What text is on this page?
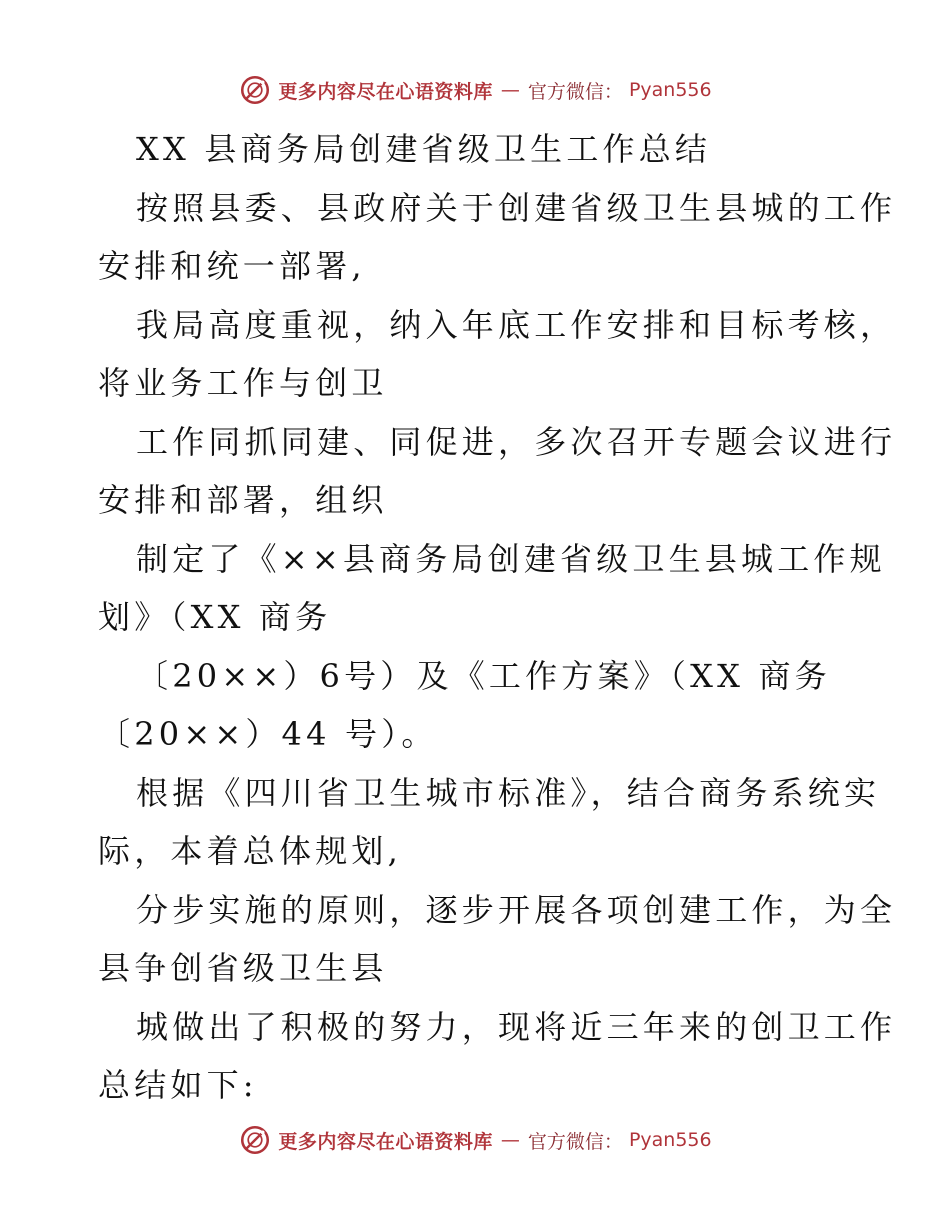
更多内容尽在心语资料库 — 官方微信： Pyan556
XX 县商务局创建省级卫生工作总结
按照县委、县政府关于创建省级卫生县城的工作
安排和统一部署,
我局高度重视，纳入年底工作安排和目标考核，
将业务工作与创卫
工作同抓同建、同促进，多次召开专题会议进行
安排和部署，组织
制定了《××县商务局创建省级卫生县城工作规
划》（XX 商务
〔20××）6号）及《工作方案》（XX 商务
〔20××）44 号）。
根据《四川省卫生城市标准》，结合商务系统实
际，本着总体规划,
分步实施的原则，逐步开展各项创建工作，为全
县争创省级卫生县
城做出了积极的努力，现将近三年来的创卫工作
总结如下:
更多内容尽在心语资料库 — 官方微信： Pyan556
